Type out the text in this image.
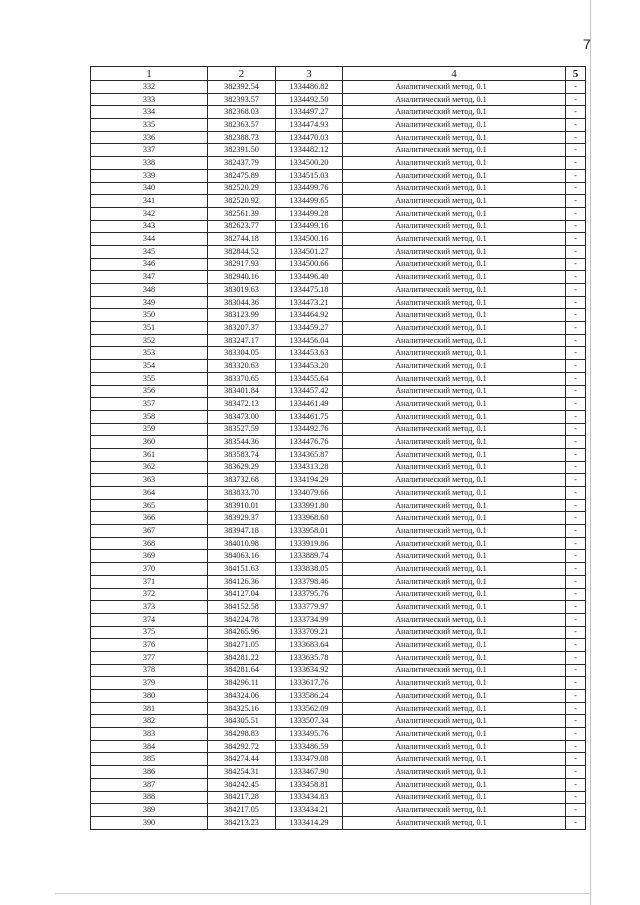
7
1	2	3	4	5
332	382392.54	1334486.82	Аналитический метод, 0.1	-
333	382393.57	1334492.50	Аналитический метод, 0.1	-
334	382368.03	1334497.27	Аналитический метод, 0.1	-
335	382363.57	1334474.93	Аналитический метод, 0.1	-
336	382388.73	1334470.03	Аналитический метод, 0.1	-
337	382391.50	1334482.12	Аналитический метод, 0.1	-
338	382437.79	1334500.20	Аналитический метод, 0.1	-
339	382475.89	1334515.03	Аналитический метод, 0.1	-
340	382520.29	1334499.76	Аналитический метод, 0.1	-
341	382520.92	1334499.65	Аналитический метод, 0.1	-
342	382561.39	1334499.28	Аналитический метод, 0.1	-
343	382623.77	1334499.16	Аналитический метод, 0.1	-
344	382744.18	1334500.16	Аналитический метод, 0.1	-
345	382844.52	1334501.27	Аналитический метод, 0.1	-
346	382917.93	1334500.66	Аналитический метод, 0.1	-
347	382940.16	1334496.40	Аналитический метод, 0.1	-
348	383019.63	1334475.18	Аналитический метод, 0.1	-
349	383044.36	1334473.21	Аналитический метод, 0.1	-
350	383123.99	1334464.92	Аналитический метод, 0.1	-
351	383207.37	1334459.27	Аналитический метод, 0.1	-
352	383247.17	1334456.04	Аналитический метод, 0.1	-
353	383304.05	1334453.63	Аналитический метод, 0.1	-
354	383320.63	1334453.20	Аналитический метод, 0.1	-
355	383370.65	1334455.64	Аналитический метод, 0.1	-
356	383401.84	1334457.42	Аналитический метод, 0.1	-
357	383472.13	1334461.49	Аналитический метод, 0.1	-
358	383473.00	1334461.75	Аналитический метод, 0.1	-
359	383527.59	1334492.76	Аналитический метод, 0.1	-
360	383544.36	1334476.76	Аналитический метод, 0.1	-
361	383583.74	1334365.87	Аналитический метод, 0.1	-
362	383629.29	1334313.28	Аналитический метод, 0.1	-
363	383732.68	1334194.29	Аналитический метод, 0.1	-
364	383833.70	1334079.66	Аналитический метод, 0.1	-
365	383910.01	1333991.80	Аналитический метод, 0.1	-
366	383929.37	1333968.60	Аналитический метод, 0.1	-
367	383947.18	1333958.01	Аналитический метод, 0.1	-
368	384010.98	1333919.86	Аналитический метод, 0.1	-
369	384063.16	1333889.74	Аналитический метод, 0.1	-
370	384151.63	1333838.05	Аналитический метод, 0.1	-
371	384126.36	1333798.46	Аналитический метод, 0.1	-
372	384127.04	1333795.76	Аналитический метод, 0.1	-
373	384152.58	1333779.97	Аналитический метод, 0.1	-
374	384224.78	1333734.99	Аналитический метод, 0.1	-
375	384265.96	1333709.21	Аналитический метод, 0.1	-
376	384271.05	1333683.64	Аналитический метод, 0.1	-
377	384281.22	1333635.78	Аналитический метод, 0.1	-
378	384281.64	1333634.92	Аналитический метод, 0.1	-
379	384296.11	1333617.76	Аналитический метод, 0.1	-
380	384324.06	1333586.24	Аналитический метод, 0.1	-
381	384325.16	1333562.09	Аналитический метод, 0.1	-
382	384305.51	1333507.34	Аналитический метод, 0.1	-
383	384298.83	1333495.76	Аналитический метод, 0.1	-
384	384292.72	1333486.59	Аналитический метод, 0.1	-
385	384274.44	1333479.08	Аналитический метод, 0.1	-
386	384254.31	1333467.90	Аналитический метод, 0.1	-
387	384242.45	1333458.81	Аналитический метод, 0.1	-
388	384217.28	1333434.83	Аналитический метод, 0.1	-
389	384217.05	1333434.21	Аналитический метод, 0.1	-
390	384213.23	1333414.29	Аналитический метод, 0.1	-
